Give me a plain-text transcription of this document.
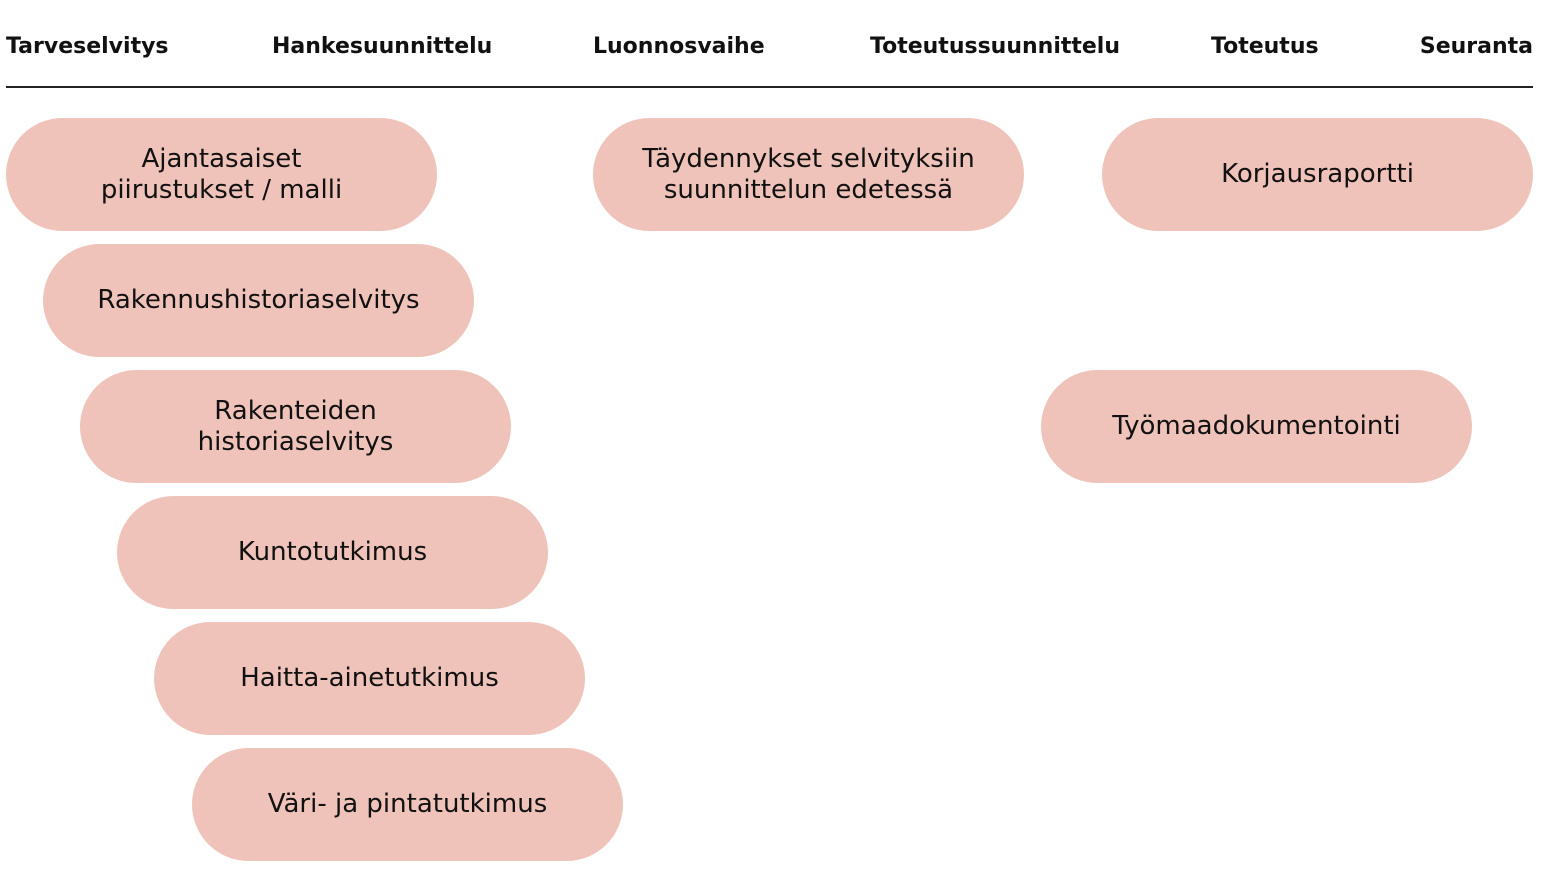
Tarveselvitys	Hankesuunnittelu	Luonnosvaihe	Toteutussuunnittelu	Toteutus	Seuranta
Ajantasaiset
piirustukset / malli
Rakennushistoriaselvitys
Rakenteiden
historiaselvitys
Kuntotutkimus
Haitta-ainetutkimus
Väri- ja pintatutkimus
Täydennykset selvityksiin
suunnittelun edetessä
Korjausraportti
Työmaadokumentointi
